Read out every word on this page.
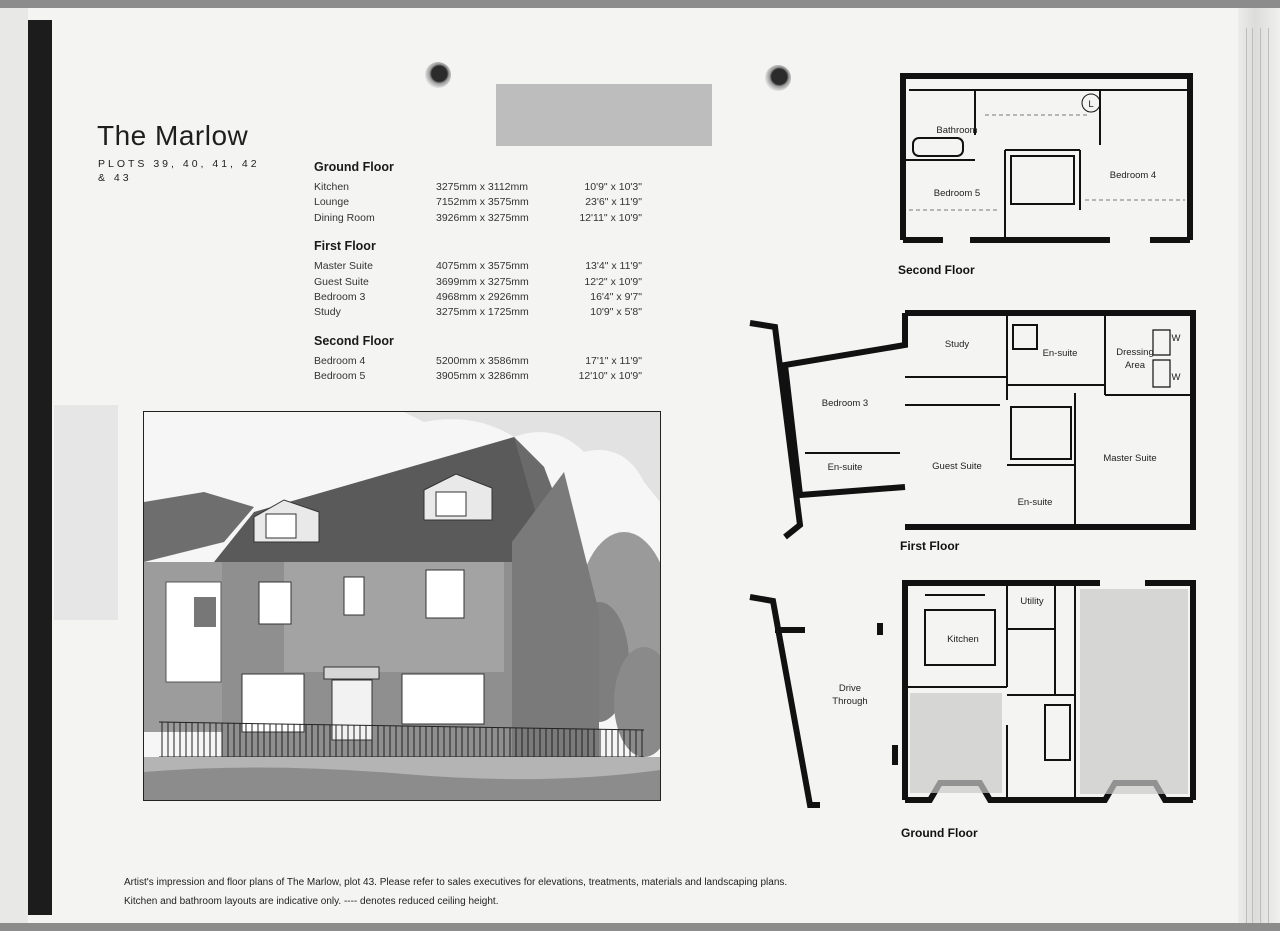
The Marlow
PLOTS 39, 40, 41, 42 & 43
Ground Floor
Kitchen	3275mm x 3112mm	10'9" x 10'3"
Lounge	7152mm x 3575mm	23'6" x 11'9"
Dining Room	3926mm x 3275mm	12'11" x 10'9"
First Floor
Master Suite	4075mm x 3575mm	13'4" x 11'9"
Guest Suite	3699mm x 3275mm	12'2" x 10'9"
Bedroom 3	4968mm x 2926mm	16'4" x 9'7"
Study	3275mm x 1725mm	10'9" x 5'8"
Second Floor
Bedroom 4	5200mm x 3586mm	17'1" x 11'9"
Bedroom 5	3905mm x 3286mm	12'10" x 10'9"
L
Bathroom
Bedroom 4
Bedroom 5
Second Floor
Study
En-suite	Dressing
Area
W
W
Bedroom 3
En-suite	Guest Suite
En-suite
Master Suite
First Floor
Utility
Kitchen
Drive
Through
Ground Floor
Artist's impression and floor plans of The Marlow, plot 43. Please refer to sales executives for elevations, treatments, materials and landscaping plans.
Kitchen and bathroom layouts are indicative only. ---- denotes reduced ceiling height.
